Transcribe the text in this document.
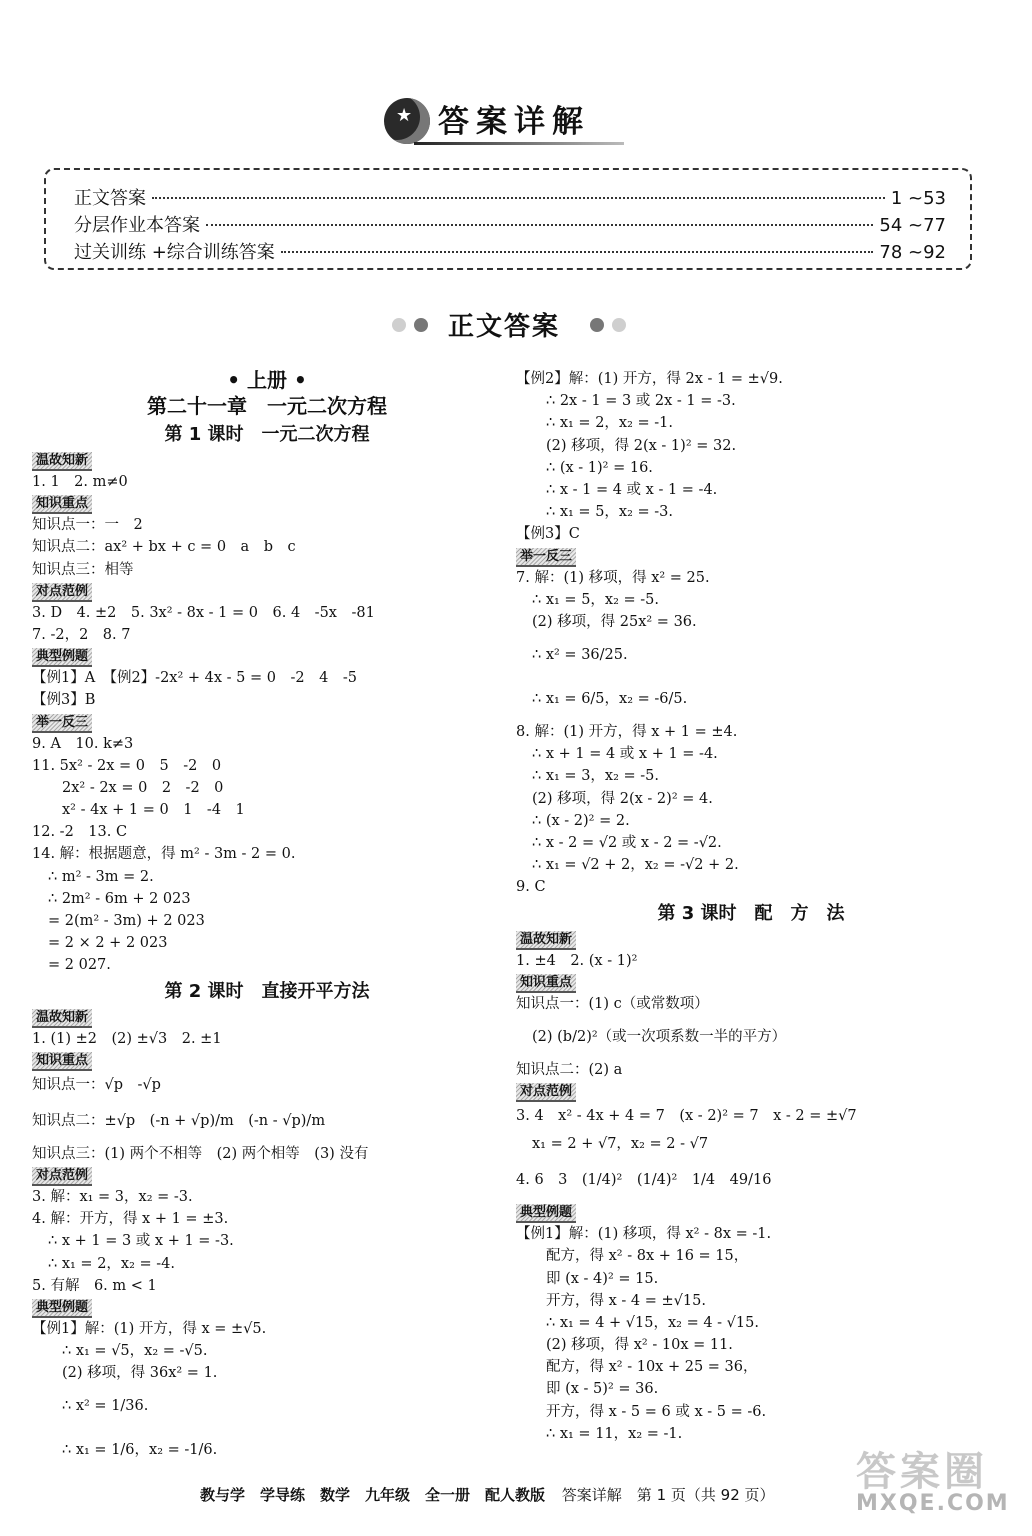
★ 答案详解
正文答案	1 ~53
分层作业本答案	54 ~77
过关训练 +综合训练答案	78 ~92
正文答案
• 上册 •
第二十一章　一元二次方程
第 1 课时　一元二次方程
温故知新
1. 1　2. m≠0
知识重点
知识点一：一　2
知识点二：ax² + bx + c = 0　a　b　c
知识点三：相等
对点范例
3. D　4. ±2　5. 3x² - 8x - 1 = 0　6. 4　-5x　-81
7. -2，2　8. 7
典型例题
【例1】A　【例2】-2x² + 4x - 5 = 0　-2　4　-5
【例3】B
举一反三
9. A　10. k≠3
11. 5x² - 2x = 0　5　-2　0
2x² - 2x = 0　2　-2　0
x² - 4x + 1 = 0　1　-4　1
12. -2　13. C
14. 解：根据题意，得 m² - 3m - 2 = 0.
∴ m² - 3m = 2.
∴ 2m² - 6m + 2 023
= 2(m² - 3m) + 2 023
= 2 × 2 + 2 023
= 2 027.
第 2 课时　直接开平方法
温故知新
1. (1) ±2　(2) ±√3　2. ±1
知识重点
知识点一：√p　-√p
知识点二：±√p　(-n + √p)/m　(-n - √p)/m
知识点三：(1) 两个不相等　(2) 两个相等　(3) 没有
对点范例
3. 解：x₁ = 3，x₂ = -3.
4. 解：开方，得 x + 1 = ±3.
∴ x + 1 = 3 或 x + 1 = -3.
∴ x₁ = 2，x₂ = -4.
5. 有解　6. m < 1
典型例题
【例1】解：(1) 开方，得 x = ±√5.
∴ x₁ = √5，x₂ = -√5.
(2) 移项，得 36x² = 1.
∴ x² = 1/36.
∴ x₁ = 1/6，x₂ = -1/6.
【例2】解：(1) 开方，得 2x - 1 = ±√9.
∴ 2x - 1 = 3 或 2x - 1 = -3.
∴ x₁ = 2，x₂ = -1.
(2) 移项，得 2(x - 1)² = 32.
∴ (x - 1)² = 16.
∴ x - 1 = 4 或 x - 1 = -4.
∴ x₁ = 5，x₂ = -3.
【例3】C
举一反三
7. 解：(1) 移项，得 x² = 25.
∴ x₁ = 5，x₂ = -5.
(2) 移项，得 25x² = 36.
∴ x² = 36/25.
∴ x₁ = 6/5，x₂ = -6/5.
8. 解：(1) 开方，得 x + 1 = ±4.
∴ x + 1 = 4 或 x + 1 = -4.
∴ x₁ = 3，x₂ = -5.
(2) 移项，得 2(x - 2)² = 4.
∴ (x - 2)² = 2.
∴ x - 2 = √2 或 x - 2 = -√2.
∴ x₁ = √2 + 2，x₂ = -√2 + 2.
9. C
第 3 课时　配　方　法
温故知新
1. ±4　2. (x - 1)²
知识重点
知识点一：(1) c（或常数项）
(2) (b/2)²（或一次项系数一半的平方）
知识点二：(2) a
对点范例
3. 4　x² - 4x + 4 = 7　(x - 2)² = 7　x - 2 = ±√7
x₁ = 2 + √7，x₂ = 2 - √7
4. 6　3　(1/4)²　(1/4)²　1/4　49/16
典型例题
【例1】解：(1) 移项，得 x² - 8x = -1.
配方，得 x² - 8x + 16 = 15，
即 (x - 4)² = 15.
开方，得 x - 4 = ±√15.
∴ x₁ = 4 + √15，x₂ = 4 - √15.
(2) 移项，得 x² - 10x = 11.
配方，得 x² - 10x + 25 = 36，
即 (x - 5)² = 36.
开方，得 x - 5 = 6 或 x - 5 = -6.
∴ x₁ = 11，x₂ = -1.
教与学　学导练　数学　九年级　全一册　配人教版 答案详解　第 1 页（共 92 页）	答案圈
MXQE.COM
